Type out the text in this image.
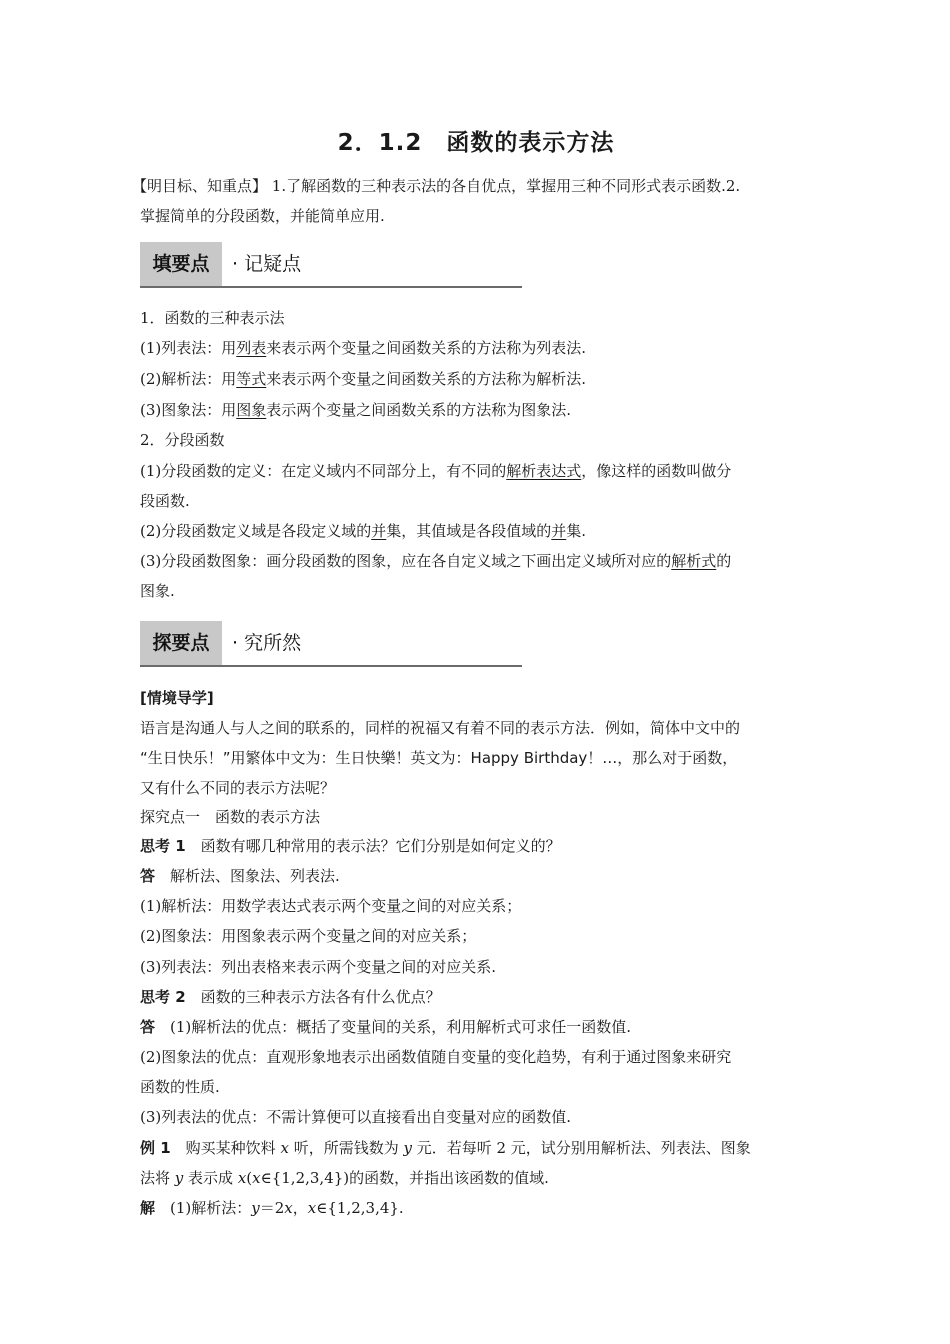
2．1.2　函数的表示方法
【明目标、知重点】 1.了解函数的三种表示法的各自优点，掌握用三种不同形式表示函数.2.
掌握简单的分段函数，并能简单应用.
填要点	· 记疑点
1．函数的三种表示法
(1)列表法：用列表来表示两个变量之间函数关系的方法称为列表法.
(2)解析法：用等式来表示两个变量之间函数关系的方法称为解析法.
(3)图象法：用图象表示两个变量之间函数关系的方法称为图象法.
2．分段函数
(1)分段函数的定义：在定义域内不同部分上，有不同的解析表达式，像这样的函数叫做分
段函数.
(2)分段函数定义域是各段定义域的并集，其值域是各段值域的并集.
(3)分段函数图象：画分段函数的图象，应在各自定义域之下画出定义域所对应的解析式的
图象.
探要点	· 究所然
[情境导学]
语言是沟通人与人之间的联系的，同样的祝福又有着不同的表示方法．例如，简体中文中的
“生日快乐！”用繁体中文为：生日快樂！英文为：Happy Birthday！…，那么对于函数，
又有什么不同的表示方法呢？
探究点一　函数的表示方法
思考 1　函数有哪几种常用的表示法？它们分别是如何定义的？
答　解析法、图象法、列表法.
(1)解析法：用数学表达式表示两个变量之间的对应关系；
(2)图象法：用图象表示两个变量之间的对应关系；
(3)列表法：列出表格来表示两个变量之间的对应关系.
思考 2　函数的三种表示方法各有什么优点？
答　(1)解析法的优点：概括了变量间的关系，利用解析式可求任一函数值.
(2)图象法的优点：直观形象地表示出函数值随自变量的变化趋势，有利于通过图象来研究
函数的性质.
(3)列表法的优点：不需计算便可以直接看出自变量对应的函数值.
例 1　购买某种饮料 x 听，所需钱数为 y 元．若每听 2 元，试分别用解析法、列表法、图象
法将 y 表示成 x(x∈{1,2,3,4})的函数，并指出该函数的值域.
解　(1)解析法：y＝2x，x∈{1,2,3,4}.
